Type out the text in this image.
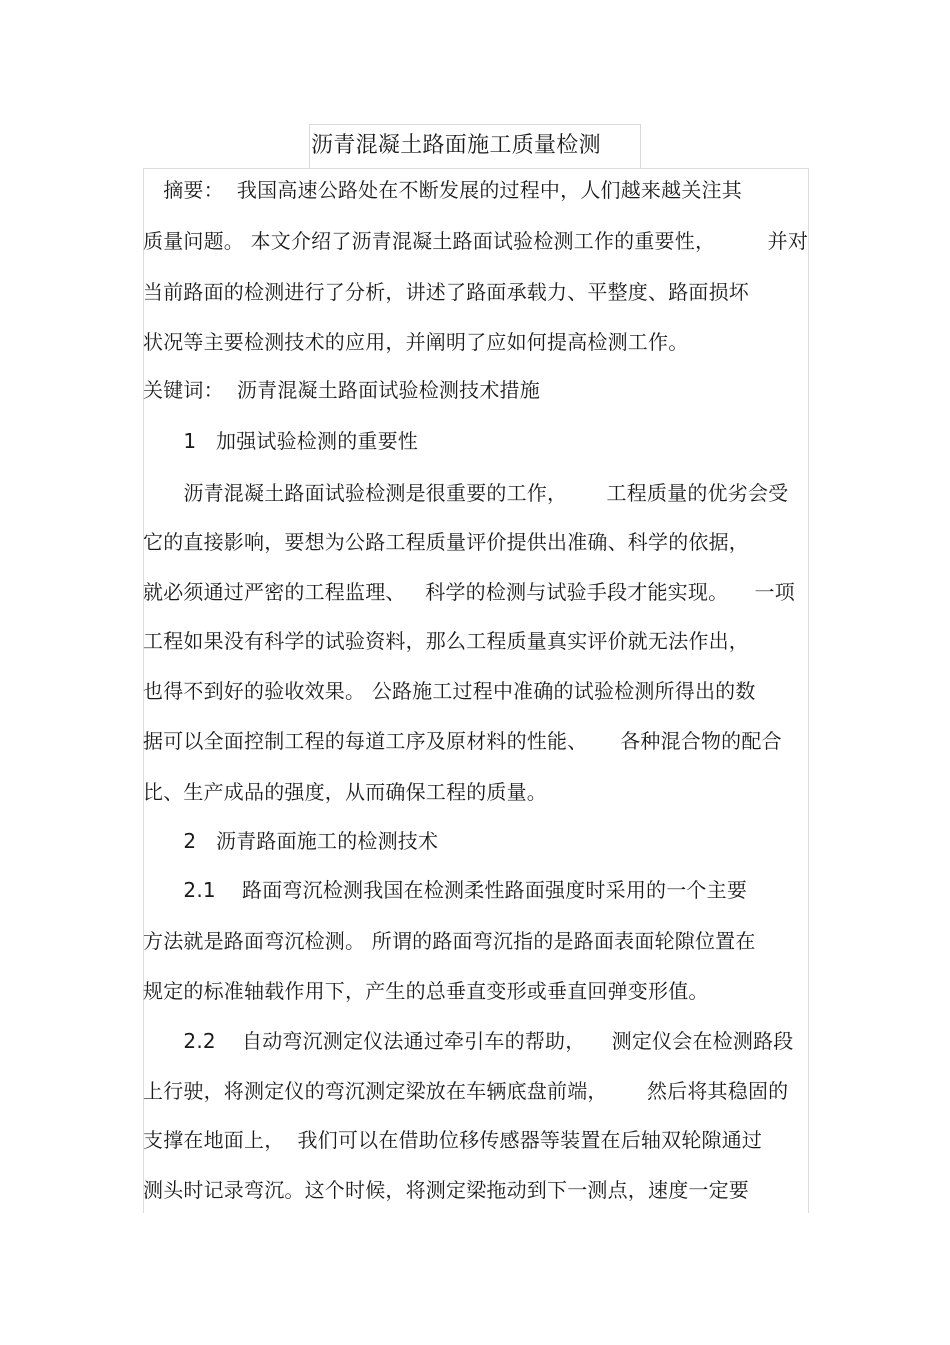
沥青混凝土路面施工质量检测
　摘要：  我国高速公路处在不断发展的过程中，人们越来越关注其
质量问题。 本文介绍了沥青混凝土路面试验检测工作的重要性，        并对
当前路面的检测进行了分析，讲述了路面承载力、平整度、路面损坏
状况等主要检测技术的应用，并阐明了应如何提高检测工作。
关键词：  沥青混凝土路面试验检测技术措施
　　1   加强试验检测的重要性
　　沥青混凝土路面试验检测是很重要的工作，      工程质量的优劣会受
它的直接影响，要想为公路工程质量评价提供出准确、科学的依据，
就必须通过严密的工程监理、   科学的检测与试验手段才能实现。    一项
工程如果没有科学的试验资料，那么工程质量真实评价就无法作出，
也得不到好的验收效果。 公路施工过程中准确的试验检测所得出的数
据可以全面控制工程的每道工序及原材料的性能、     各种混合物的配合
比、生产成品的强度，从而确保工程的质量。
　　2   沥青路面施工的检测技术
　　2.1    路面弯沉检测我国在检测柔性路面强度时采用的一个主要
方法就是路面弯沉检测。 所谓的路面弯沉指的是路面表面轮隙位置在
规定的标准轴载作用下，产生的总垂直变形或垂直回弹变形值。
　　2.2    自动弯沉测定仪法通过牵引车的帮助，    测定仪会在检测路段
上行驶，将测定仪的弯沉测定梁放在车辆底盘前端，      然后将其稳固的
支撑在地面上，  我们可以在借助位移传感器等装置在后轴双轮隙通过
测头时记录弯沉。这个时候，将测定梁拖动到下一测点，速度一定要
